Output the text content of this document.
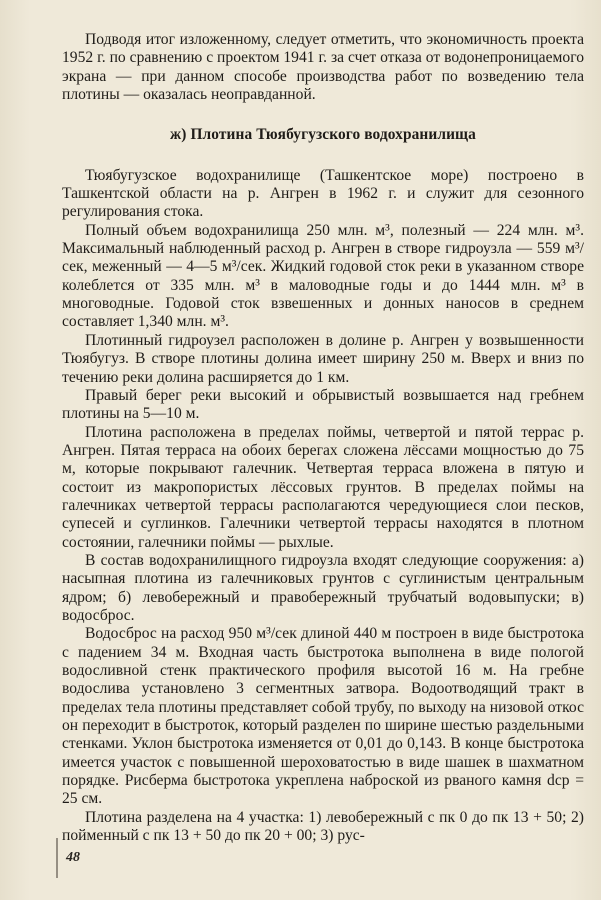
Подводя итог изложенному, следует отметить, что экономичность проекта 1952 г. по сравнению с проектом 1941 г. за счет отказа от водонепроницаемого экрана — при данном способе производства работ по возведению тела плотины — оказалась неоправданной.

ж) Плотина Тюябугузского водохранилища

Тюябугузское водохранилище (Ташкентское море) построено в Ташкентской области на р. Ангрен в 1962 г. и служит для сезонного регулирования стока.

Полный объем водохранилища 250 млн. м³, полезный — 224 млн. м³. Максимальный наблюденный расход р. Ангрен в створе гидроузла — 559 м³/сек, меженный — 4—5 м³/сек. Жидкий годовой сток реки в указанном створе колеблется от 335 млн. м³ в маловодные годы и до 1444 млн. м³ в многоводные. Годовой сток взвешенных и донных наносов в среднем составляет 1,340 млн. м³.

Плотинный гидроузел расположен в долине р. Ангрен у возвышенности Тюябугуз. В створе плотины долина имеет ширину 250 м. Вверх и вниз по течению реки долина расширяется до 1 км.

Правый берег реки высокий и обрывистый возвышается над гребнем плотины на 5—10 м.

Плотина расположена в пределах поймы, четвертой и пятой террас р. Ангрен. Пятая терраса на обоих берегах сложена лёссами мощностью до 75 м, которые покрывают галечник. Четвертая терраса вложена в пятую и состоит из макропористых лёссовых грунтов. В пределах поймы на галечниках четвертой террасы располагаются чередующиеся слои песков, супесей и суглинков. Галечники четвертой террасы находятся в плотном состоянии, галечники поймы — рыхлые.

В состав водохранилищного гидроузла входят следующие сооружения: а) насыпная плотина из галечниковых грунтов с суглинистым центральным ядром; б) левобережный и правобережный трубчатый водовыпуски; в) водосброс.

Водосброс на расход 950 м³/сек длиной 440 м построен в виде быстротока с падением 34 м. Входная часть быстротока выполнена в виде пологой водосливной стенк практического профиля высотой 16 м. На гребне водослива установлено 3 сегментных затвора. Водоотводящий тракт в пределах тела плотины представляет собой трубу, по выходу на низовой откос он переходит в быстроток, который разделен по ширине шестью раздельными стенками. Уклон быстротока изменяется от 0,01 до 0,143. В конце быстротока имеется участок с повышенной шероховатостью в виде шашек в шахматном порядке. Рисберма быстротока укреплена наброской из рваного камня dср = 25 см.

Плотина разделена на 4 участка: 1) левобережный с пк 0 до пк 13 + 50; 2) пойменный с пк 13 + 50 до пк 20 + 00; 3) рус-

48
